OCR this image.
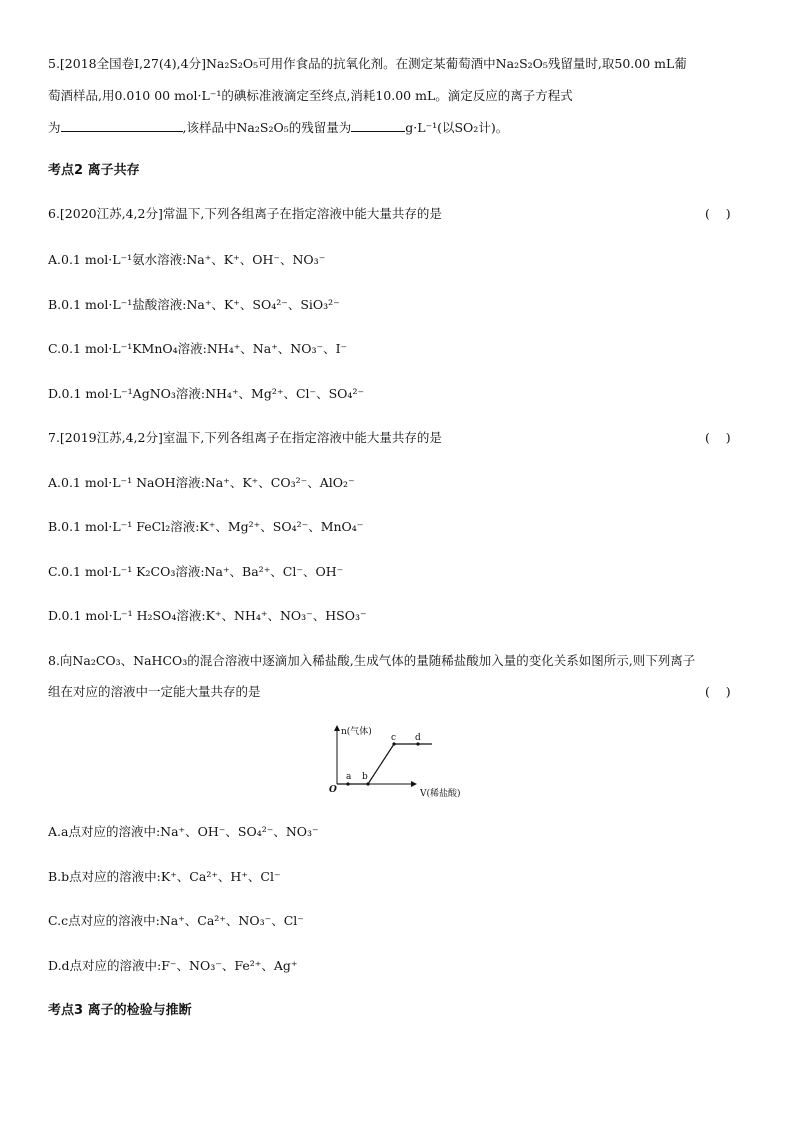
5.[2018全国卷Ⅰ,27(4),4分]Na₂S₂O₅可用作食品的抗氧化剂。在测定某葡萄酒中Na₂S₂O₅残留量时,取50.00 mL葡
萄酒样品,用0.010 00 mol·L⁻¹的碘标准液滴定至终点,消耗10.00 mL。滴定反应的离子方程式
为	,该样品中Na₂S₂O₅的残留量为	g·L⁻¹(以SO₂计)。
考点2 离子共存
6.[2020江苏,4,2分]常温下,下列各组离子在指定溶液中能大量共存的是	(    )
A.0.1 mol·L⁻¹氨水溶液:Na⁺、K⁺、OH⁻、NO₃⁻
B.0.1 mol·L⁻¹盐酸溶液:Na⁺、K⁺、SO₄²⁻、SiO₃²⁻
C.0.1 mol·L⁻¹KMnO₄溶液:NH₄⁺、Na⁺、NO₃⁻、I⁻
D.0.1 mol·L⁻¹AgNO₃溶液:NH₄⁺、Mg²⁺、Cl⁻、SO₄²⁻
7.[2019江苏,4,2分]室温下,下列各组离子在指定溶液中能大量共存的是	(    )
A.0.1 mol·L⁻¹ NaOH溶液:Na⁺、K⁺、CO₃²⁻、AlO₂⁻
B.0.1 mol·L⁻¹ FeCl₂溶液:K⁺、Mg²⁺、SO₄²⁻、MnO₄⁻
C.0.1 mol·L⁻¹ K₂CO₃溶液:Na⁺、Ba²⁺、Cl⁻、OH⁻
D.0.1 mol·L⁻¹ H₂SO₄溶液:K⁺、NH₄⁺、NO₃⁻、HSO₃⁻
8.向Na₂CO₃、NaHCO₃的混合溶液中逐滴加入稀盐酸,生成气体的量随稀盐酸加入量的变化关系如图所示,则下列离子
组在对应的溶液中一定能大量共存的是	(    )
n(气体)
V(稀盐酸)
O
a b
c d
A.a点对应的溶液中:Na⁺、OH⁻、SO₄²⁻、NO₃⁻
B.b点对应的溶液中:K⁺、Ca²⁺、H⁺、Cl⁻
C.c点对应的溶液中:Na⁺、Ca²⁺、NO₃⁻、Cl⁻
D.d点对应的溶液中:F⁻、NO₃⁻、Fe²⁺、Ag⁺
考点3 离子的检验与推断
